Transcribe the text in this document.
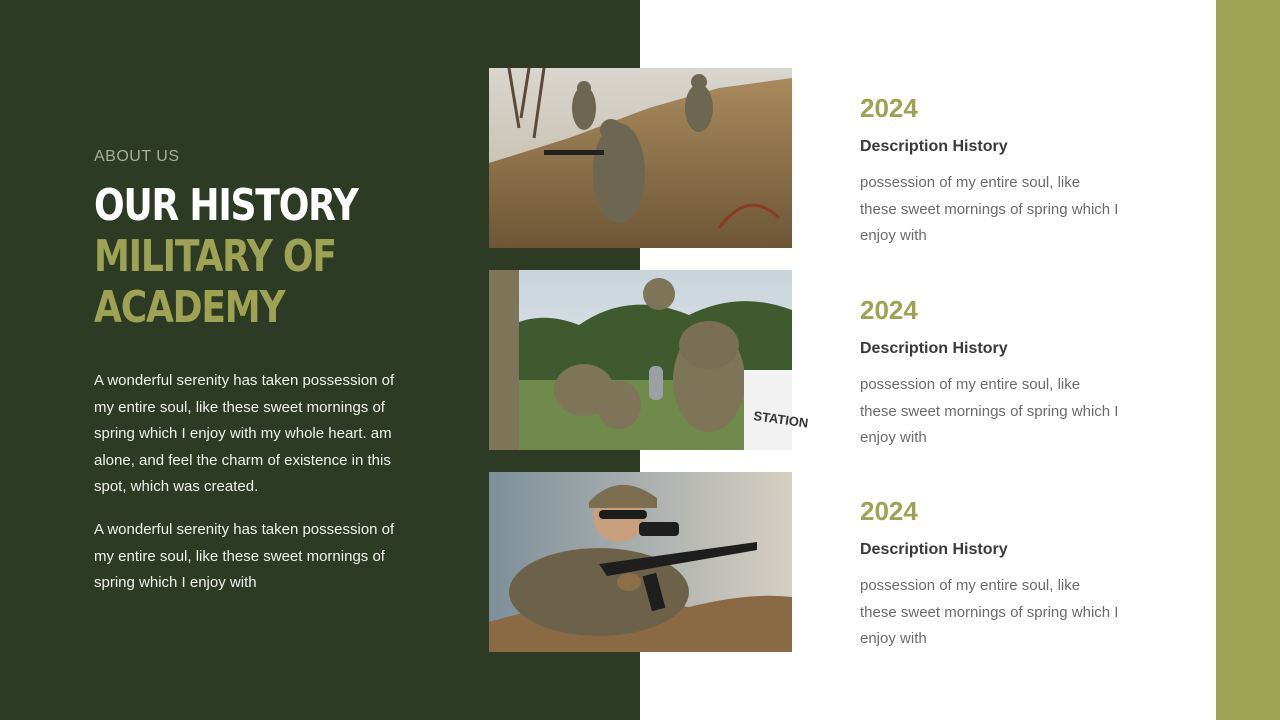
ABOUT US
OUR HISTORY
MILITARY OF
ACADEMY

A wonderful serenity has taken possession of my entire soul, like these sweet mornings of spring which I enjoy with my whole heart. am alone, and feel the charm of existence in this spot, which was created.

A wonderful serenity has taken possession of my entire soul, like these sweet mornings of spring which I enjoy with

STATION
2024
Description History
possession of my entire soul, like these sweet mornings of spring which I enjoy with
2024
Description History
possession of my entire soul, like these sweet mornings of spring which I enjoy with
2024
Description History
possession of my entire soul, like these sweet mornings of spring which I enjoy with
